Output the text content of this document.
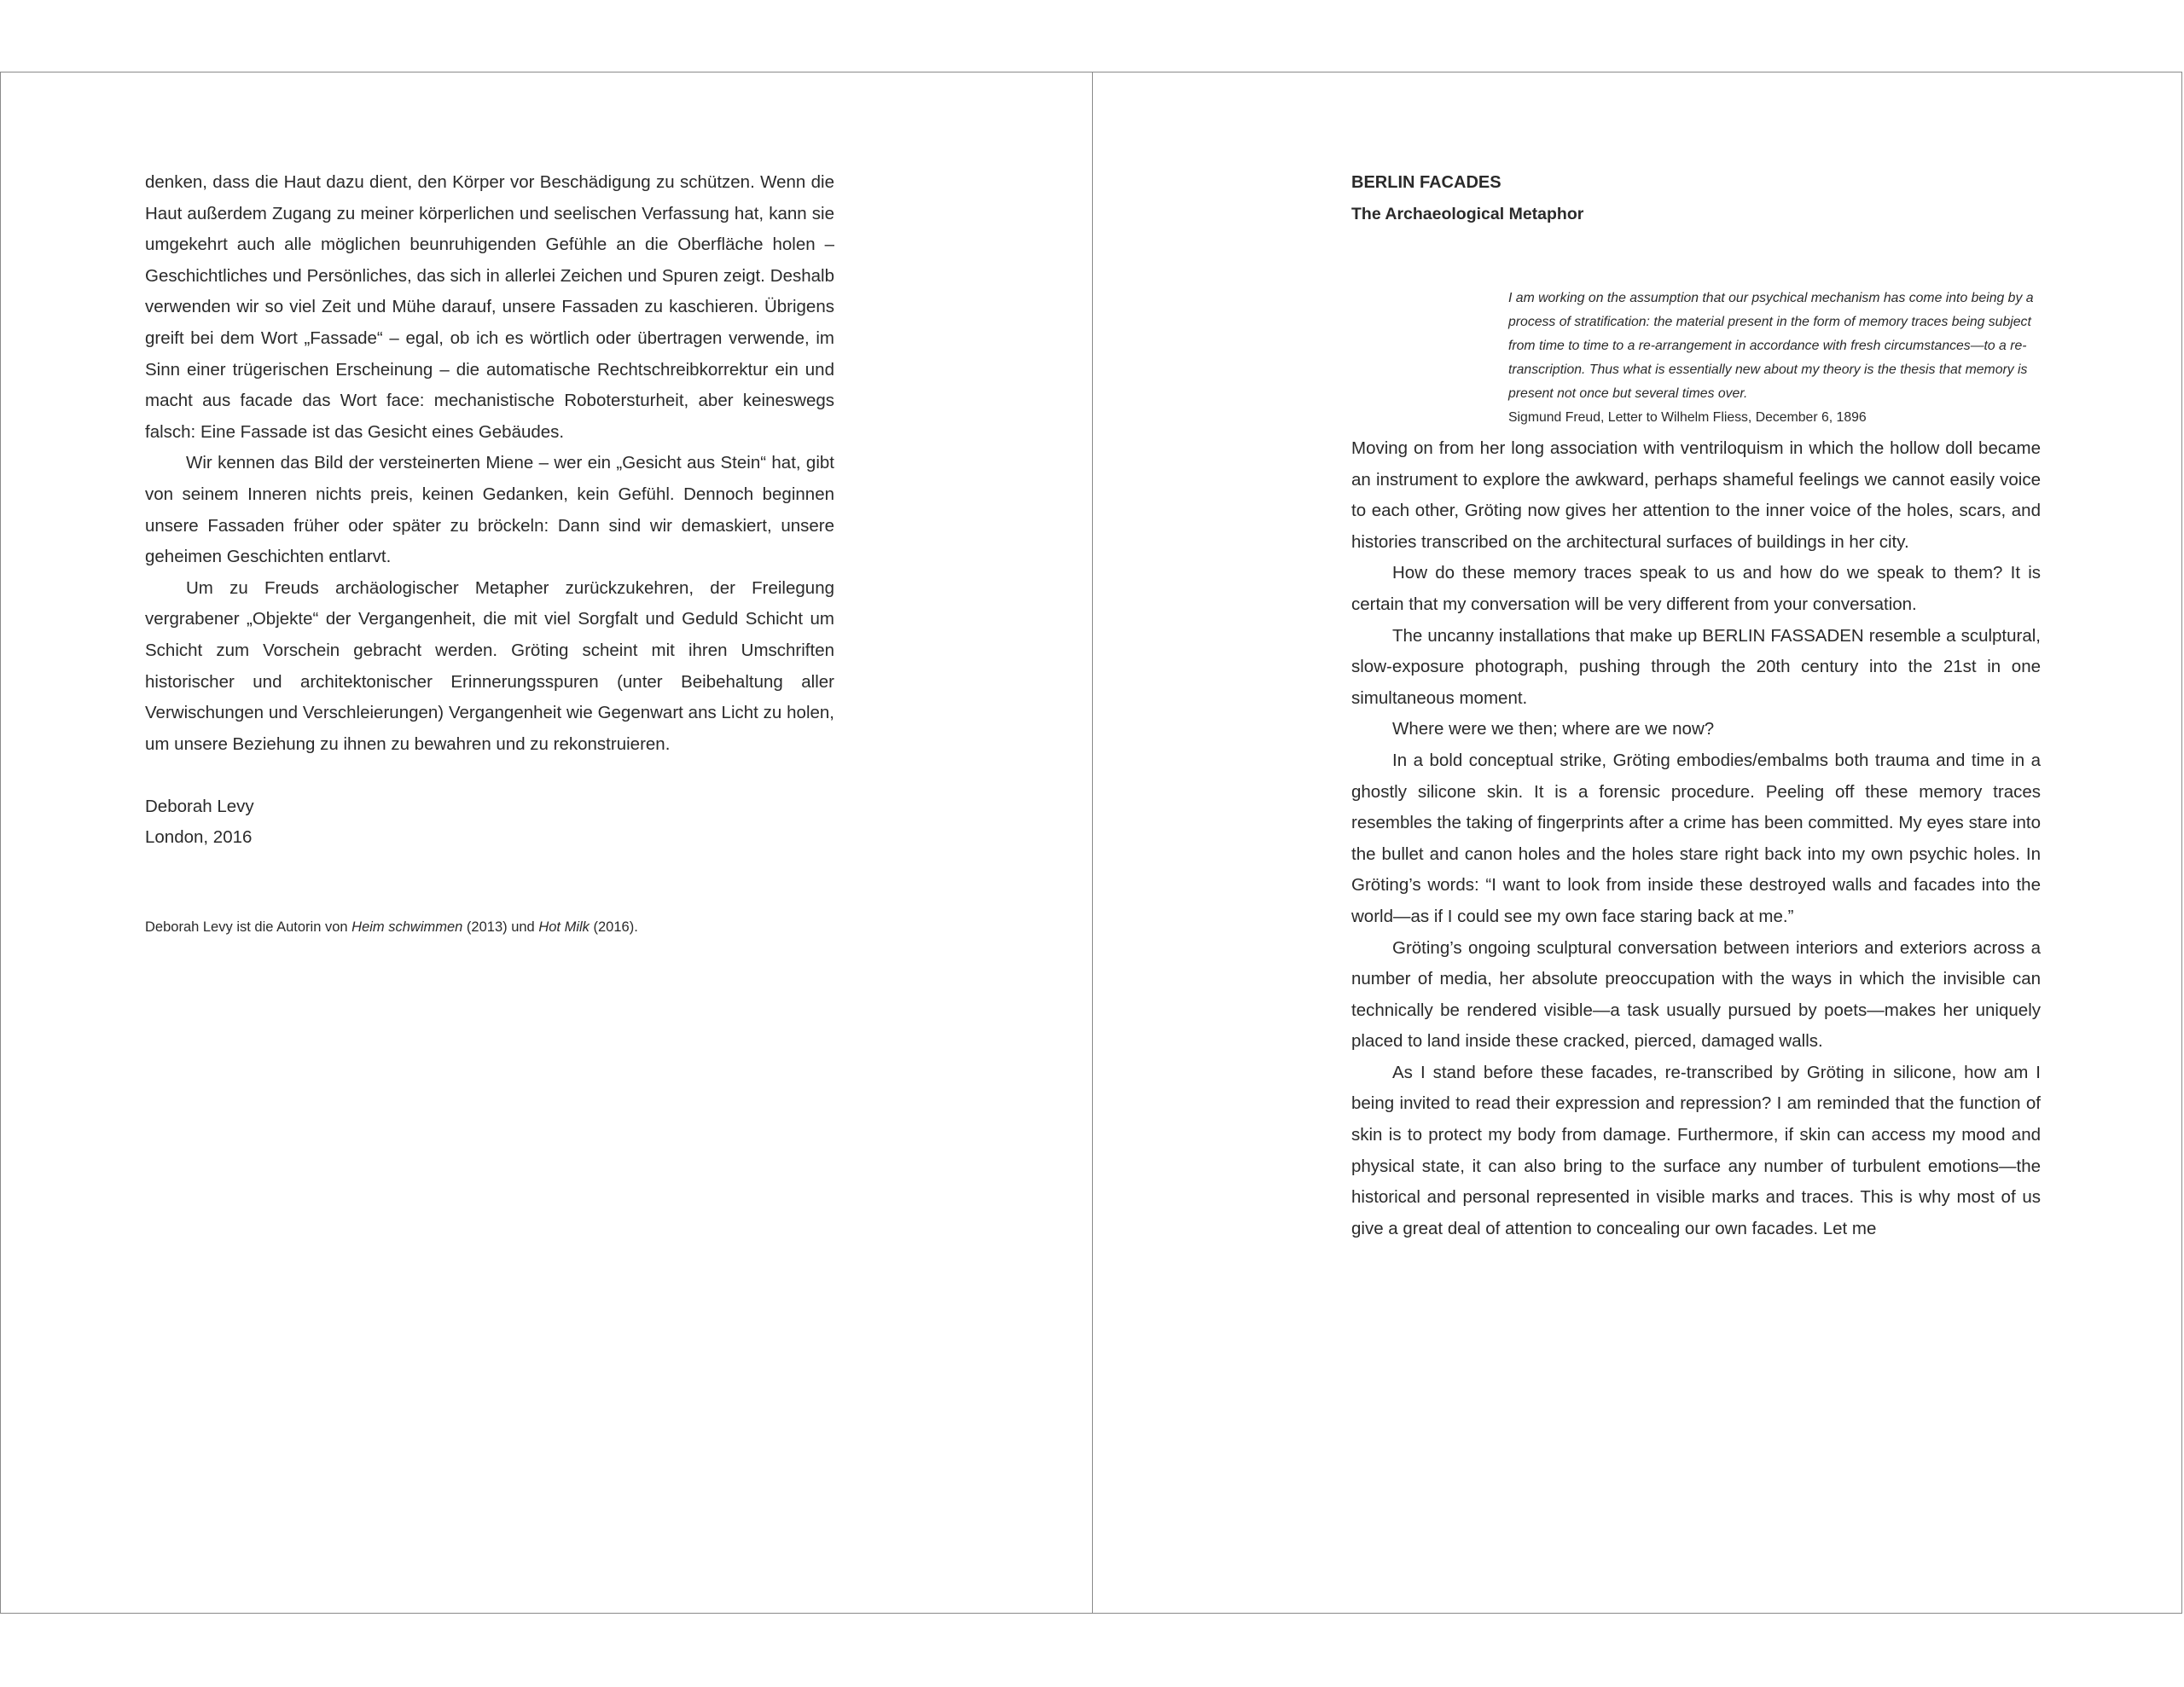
denken, dass die Haut dazu dient, den Körper vor Beschädigung zu schützen. Wenn die Haut außerdem Zugang zu meiner körperlichen und seelischen Verfassung hat, kann sie umgekehrt auch alle möglichen beunruhigenden Gefühle an die Oberfläche holen – Geschichtliches und Persönliches, das sich in allerlei Zeichen und Spuren zeigt. Deshalb verwenden wir so viel Zeit und Mühe darauf, unsere Fassaden zu kaschieren. Übrigens greift bei dem Wort „Fassade“ – egal, ob ich es wörtlich oder übertragen verwende, im Sinn einer trügerischen Erscheinung – die automatische Rechtschreibkorrektur ein und macht aus facade das Wort face: mechanistische Robotersturheit, aber keineswegs falsch: Eine Fassade ist das Gesicht eines Gebäudes.

Wir kennen das Bild der versteinerten Miene – wer ein „Gesicht aus Stein“ hat, gibt von seinem Inneren nichts preis, keinen Gedanken, kein Gefühl. Dennoch beginnen unsere Fassaden früher oder später zu bröckeln: Dann sind wir demaskiert, unsere geheimen Geschichten entlarvt.

Um zu Freuds archäologischer Metapher zurückzukehren, der Freilegung vergrabener „Objekte“ der Vergangenheit, die mit viel Sorgfalt und Geduld Schicht um Schicht zum Vorschein gebracht werden. Gröting scheint mit ihren Umschriften historischer und architektonischer Erinnerungsspuren (unter Beibehaltung aller Verwischungen und Verschleierungen) Vergangenheit wie Gegenwart ans Licht zu holen, um unsere Beziehung zu ihnen zu bewahren und zu rekonstruieren.

Deborah Levy

London, 2016

Deborah Levy ist die Autorin von Heim schwimmen (2013) und Hot Milk (2016).

BERLIN FACADES
The Archaeological Metaphor

I am working on the assumption that our psychical mechanism has come into being by a process of stratification: the material present in the form of memory traces being subject from time to time to a re-arrangement in accordance with fresh circumstances—to a re-transcription. Thus what is essentially new about my theory is the thesis that memory is present not once but several times over.

Sigmund Freud, Letter to Wilhelm Fliess, December 6, 1896

Moving on from her long association with ventriloquism in which the hollow doll became an instrument to explore the awkward, perhaps shameful feelings we cannot easily voice to each other, Gröting now gives her attention to the inner voice of the holes, scars, and histories transcribed on the architectural surfaces of buildings in her city.

How do these memory traces speak to us and how do we speak to them? It is certain that my conversation will be very different from your conversation.

The uncanny installations that make up BERLIN FASSADEN resemble a sculptural, slow-exposure photograph, pushing through the 20th century into the 21st in one simultaneous moment.

Where were we then; where are we now?

In a bold conceptual strike, Gröting embodies/embalms both trauma and time in a ghostly silicone skin. It is a forensic procedure. Peeling off these memory traces resembles the taking of fingerprints after a crime has been committed. My eyes stare into the bullet and canon holes and the holes stare right back into my own psychic holes. In Gröting’s words: “I want to look from inside these destroyed walls and facades into the world—as if I could see my own face staring back at me.”

Gröting’s ongoing sculptural conversation between interiors and exteriors across a number of media, her absolute preoccupation with the ways in which the invisible can technically be rendered visible—a task usually pursued by poets—makes her uniquely placed to land inside these cracked, pierced, damaged walls.

As I stand before these facades, re-transcribed by Gröting in silicone, how am I being invited to read their expression and repression? I am reminded that the function of skin is to protect my body from damage. Furthermore, if skin can access my mood and physical state, it can also bring to the surface any number of turbulent emotions—the historical and personal represented in visible marks and traces. This is why most of us give a great deal of attention to concealing our own facades. Let me
